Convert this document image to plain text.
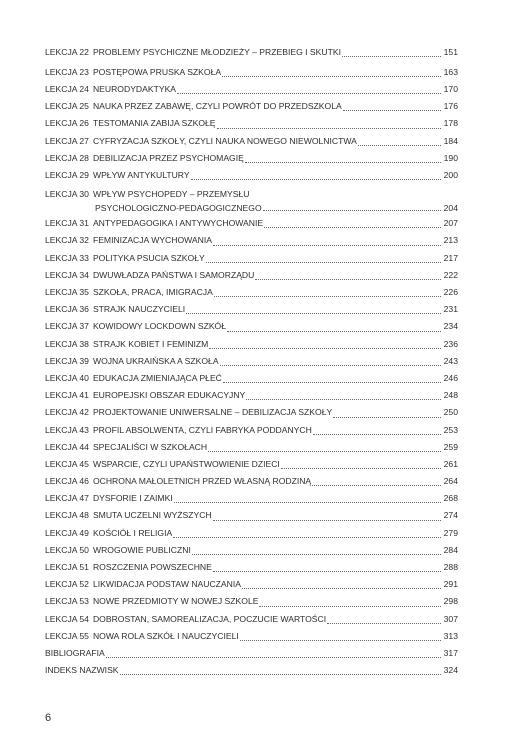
LEKCJA 22 PROBLEMY PSYCHICZNE MŁODZIEŻY – PRZEBIEG I SKUTKI	151
LEKCJA 23 POSTĘPOWA PRUSKA SZKOŁA	163
LEKCJA 24 NEURODYDAKTYKA	170
LEKCJA 25 NAUKA PRZEZ ZABAWĘ, CZYLI POWRÓT DO PRZEDSZKOLA	176
LEKCJA 26 TESTOMANIA ZABIJA SZKOŁĘ	178
LEKCJA 27 CYFRYZACJA SZKOŁY, CZYLI NAUKA NOWEGO NIEWOLNICTWA	184
LEKCJA 28 DEBILIZACJA PRZEZ PSYCHOMAGIĘ	190
LEKCJA 29 WPŁYW ANTYKULTURY	200
LEKCJA 30 WPŁYW PSYCHOPEDY – PRZEMYSŁU
PSYCHOLOGICZNO-PEDAGOGICZNEGO	204
LEKCJA 31 ANTYPEDAGOGIKA I ANTYWYCHOWANIE	207
LEKCJA 32 FEMINIZACJA WYCHOWANIA	213
LEKCJA 33 POLITYKA PSUCIA SZKOŁY	217
LEKCJA 34 DWUWŁADZA PAŃSTWA I SAMORZĄDU	222
LEKCJA 35 SZKOŁA, PRACA, IMIGRACJA	226
LEKCJA 36 STRAJK NAUCZYCIELI	231
LEKCJA 37 KOWIDOWY LOCKDOWN SZKÓŁ	234
LEKCJA 38 STRAJK KOBIET I FEMINIZM	236
LEKCJA 39 WOJNA UKRAIŃSKA A SZKOŁA	243
LEKCJA 40 EDUKACJA ZMIENIAJĄCA PŁEĆ	246
LEKCJA 41 EUROPEJSKI OBSZAR EDUKACYJNY	248
LEKCJA 42 PROJEKTOWANIE UNIWERSALNE – DEBILIZACJA SZKOŁY	250
LEKCJA 43 PROFIL ABSOLWENTA, CZYLI FABRYKA PODDANYCH	253
LEKCJA 44 SPECJALIŚCI W SZKOŁACH	259
LEKCJA 45 WSPARCIE, CZYLI UPAŃSTWOWIENIE DZIECI	261
LEKCJA 46 OCHRONA MAŁOLETNICH PRZED WŁASNĄ RODZINĄ	264
LEKCJA 47 DYSFORIE I ZAIMKI	268
LEKCJA 48 SMUTA UCZELNI WYŻSZYCH	274
LEKCJA 49 KOŚCIÓŁ I RELIGIA	279
LEKCJA 50 WROGOWIE PUBLICZNI	284
LEKCJA 51 ROSZCZENIA POWSZECHNE	288
LEKCJA 52 LIKWIDACJA PODSTAW NAUCZANIA	291
LEKCJA 53 NOWE PRZEDMIOTY W NOWEJ SZKOLE	298
LEKCJA 54 DOBROSTAN, SAMOREALIZACJA, POCZUCIE WARTOŚCI	307
LEKCJA 55 NOWA ROLA SZKÓŁ I NAUCZYCIELI	313
BIBLIOGRAFIA	317
INDEKS NAZWISK	324
6
